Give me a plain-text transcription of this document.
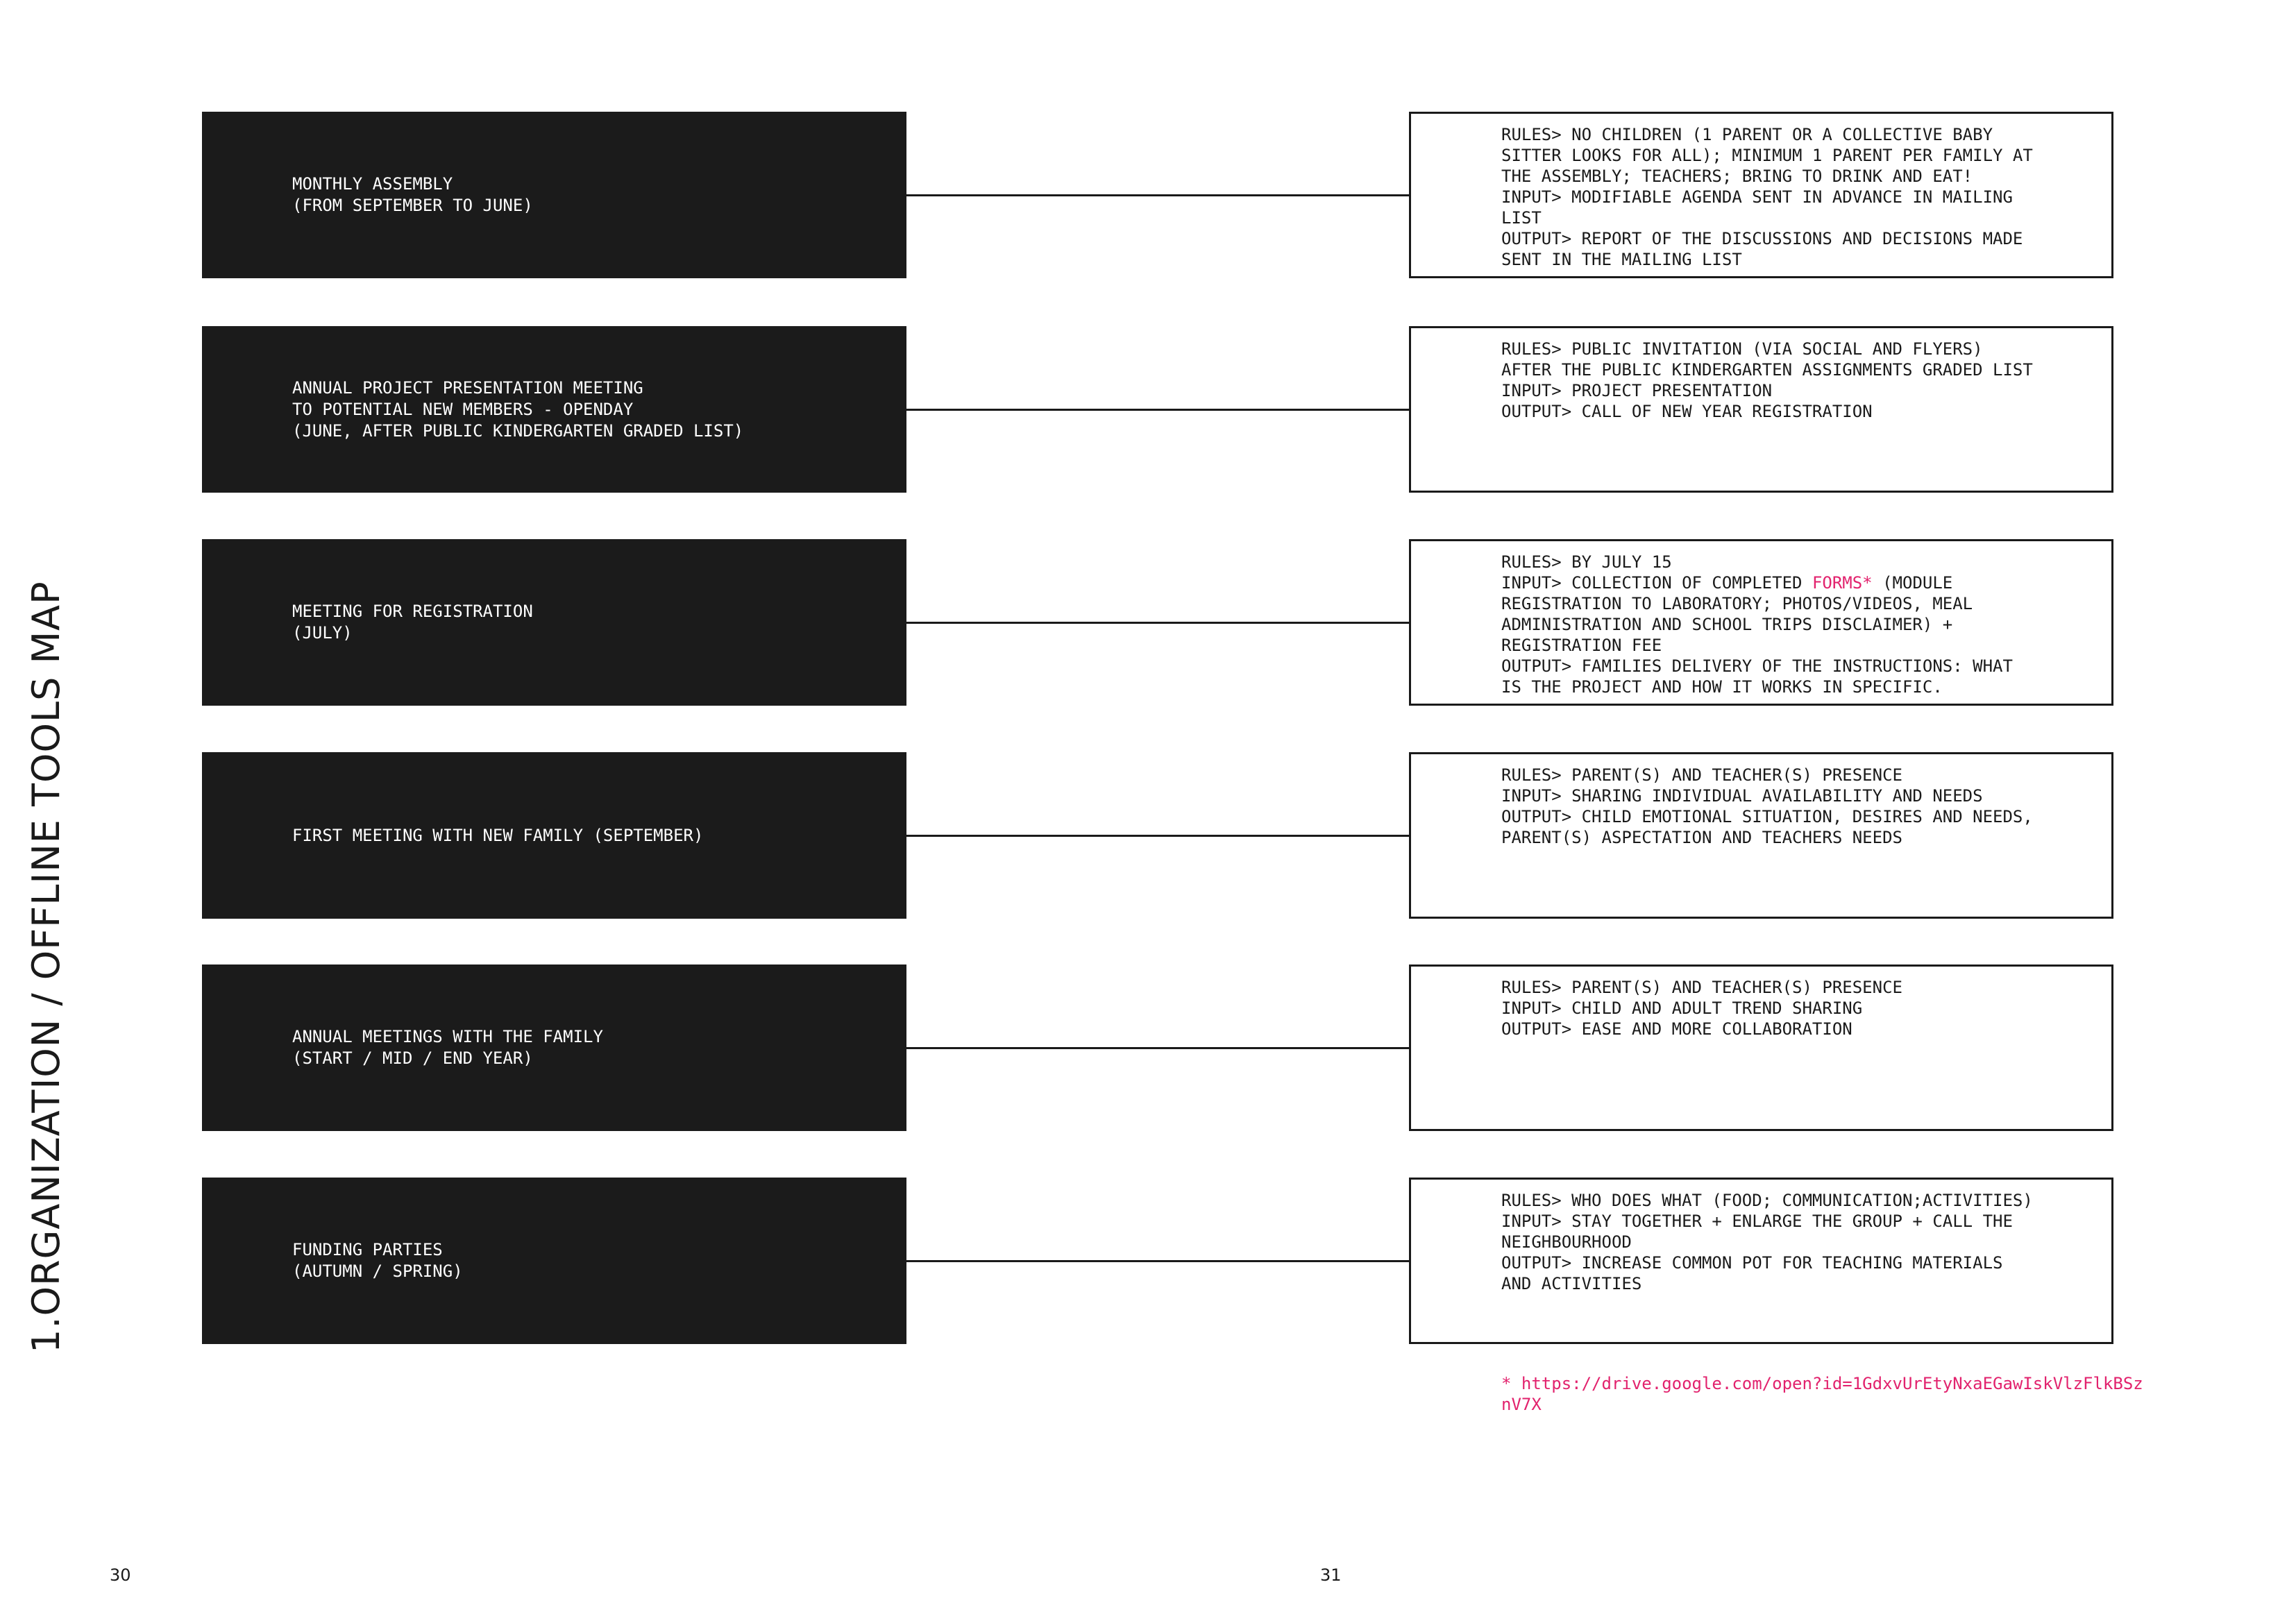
1.ORGANIZATION / OFFLINE TOOLS MAP

MONTHLY ASSEMBLY
(FROM SEPTEMBER TO JUNE)

RULES> NO CHILDREN (1 PARENT OR A COLLECTIVE BABY
SITTER LOOKS FOR ALL); MINIMUM 1 PARENT PER FAMILY AT
THE ASSEMBLY; TEACHERS; BRING TO DRINK AND EAT!
INPUT> MODIFIABLE AGENDA SENT IN ADVANCE IN MAILING
LIST
OUTPUT> REPORT OF THE DISCUSSIONS AND DECISIONS MADE
SENT IN THE MAILING LIST

ANNUAL PROJECT PRESENTATION MEETING
TO POTENTIAL NEW MEMBERS - OPENDAY
(JUNE, AFTER PUBLIC KINDERGARTEN GRADED LIST)

RULES> PUBLIC INVITATION (VIA SOCIAL AND FLYERS)
AFTER THE PUBLIC KINDERGARTEN ASSIGNMENTS GRADED LIST
INPUT> PROJECT PRESENTATION
OUTPUT> CALL OF NEW YEAR REGISTRATION

MEETING FOR REGISTRATION
(JULY)

RULES> BY JULY 15
INPUT> COLLECTION OF COMPLETED FORMS* (MODULE
REGISTRATION TO LABORATORY; PHOTOS/VIDEOS, MEAL
ADMINISTRATION AND SCHOOL TRIPS DISCLAIMER) +
REGISTRATION FEE
OUTPUT> FAMILIES DELIVERY OF THE INSTRUCTIONS: WHAT
IS THE PROJECT AND HOW IT WORKS IN SPECIFIC.

FIRST MEETING WITH NEW FAMILY (SEPTEMBER)

RULES> PARENT(S) AND TEACHER(S) PRESENCE
INPUT> SHARING INDIVIDUAL AVAILABILITY AND NEEDS
OUTPUT> CHILD EMOTIONAL SITUATION, DESIRES AND NEEDS,
PARENT(S) ASPECTATION AND TEACHERS NEEDS

ANNUAL MEETINGS WITH THE FAMILY
(START / MID / END YEAR)

RULES> PARENT(S) AND TEACHER(S) PRESENCE
INPUT> CHILD AND ADULT TREND SHARING
OUTPUT> EASE AND MORE COLLABORATION

FUNDING PARTIES
(AUTUMN / SPRING)

RULES> WHO DOES WHAT (FOOD; COMMUNICATION;ACTIVITIES)
INPUT> STAY TOGETHER + ENLARGE THE GROUP + CALL THE
NEIGHBOURHOOD
OUTPUT> INCREASE COMMON POT FOR TEACHING MATERIALS
AND ACTIVITIES
* https://drive.google.com/open?id=1GdxvUrEtyNxaEGawIskVlzFlkBSz
nV7X
30	31
